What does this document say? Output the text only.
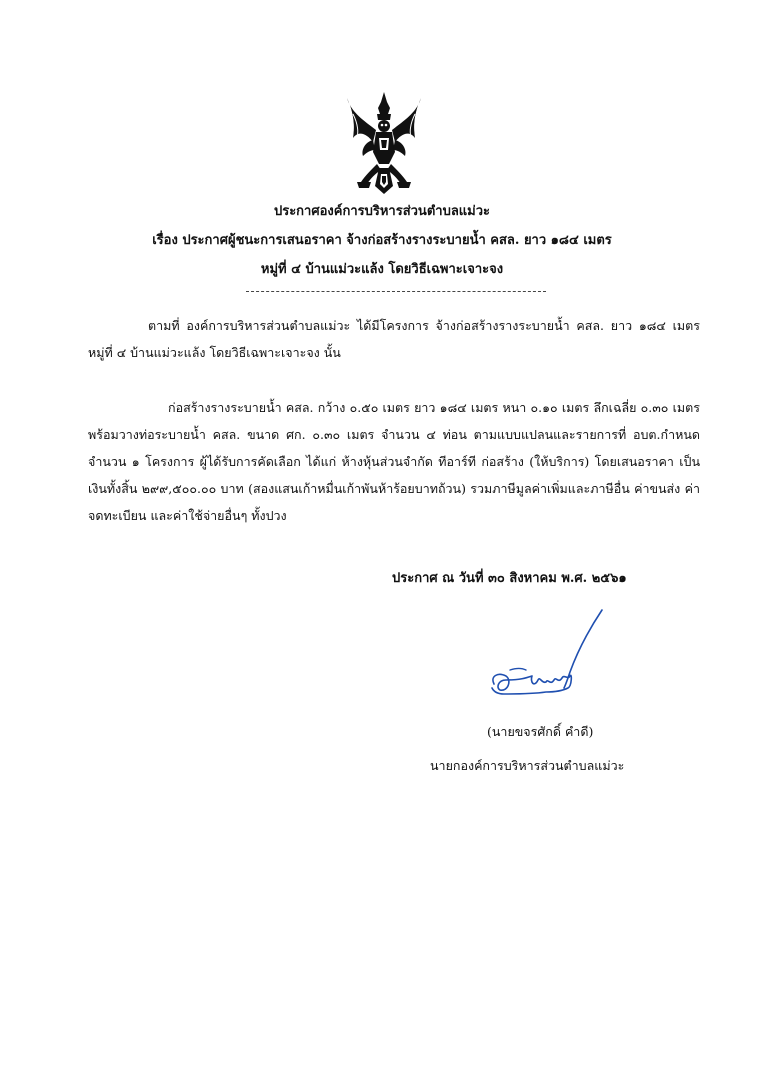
ประกาศองค์การบริหารส่วนตำบลแม่วะ
เรื่อง ประกาศผู้ชนะการเสนอราคา จ้างก่อสร้างรางระบายน้ำ คสล. ยาว ๑๘๔ เมตร
หมู่ที่ ๔ บ้านแม่วะแล้ง โดยวิธีเฉพาะเจาะจง
ตามที่ องค์การบริหารส่วนตำบลแม่วะ ได้มีโครงการ จ้างก่อสร้างรางระบายน้ำ คสล. ยาว ๑๘๔ เมตร หมู่ที่ ๔ บ้านแม่วะแล้ง โดยวิธีเฉพาะเจาะจง นั้น
ก่อสร้างรางระบายน้ำ คสล. กว้าง ๐.๕๐ เมตร ยาว ๑๘๔ เมตร หนา ๐.๑๐ เมตร ลึกเฉลี่ย ๐.๓๐ เมตร พร้อมวางท่อระบายน้ำ คสล. ขนาด ศก. ๐.๓๐ เมตร จำนวน ๔ ท่อน ตามแบบแปลนและรายการที่ อบต.กำหนด จำนวน ๑ โครงการ ผู้ได้รับการคัดเลือก ได้แก่ ห้างหุ้นส่วนจำกัด ทีอาร์ที ก่อสร้าง (ให้บริการ) โดยเสนอราคา เป็นเงินทั้งสิ้น ๒๙๙,๕๐๐.๐๐ บาท (สองแสนเก้าหมื่นเก้าพันห้าร้อยบาทถ้วน) รวมภาษีมูลค่าเพิ่มและภาษีอื่น ค่าขนส่ง ค่าจดทะเบียน และค่าใช้จ่ายอื่นๆ ทั้งปวง
ประกาศ ณ วันที่ ๓๐ สิงหาคม พ.ศ. ๒๕๖๑
(นายขจรศักดิ์ คำดี)
นายกองค์การบริหารส่วนตำบลแม่วะ
